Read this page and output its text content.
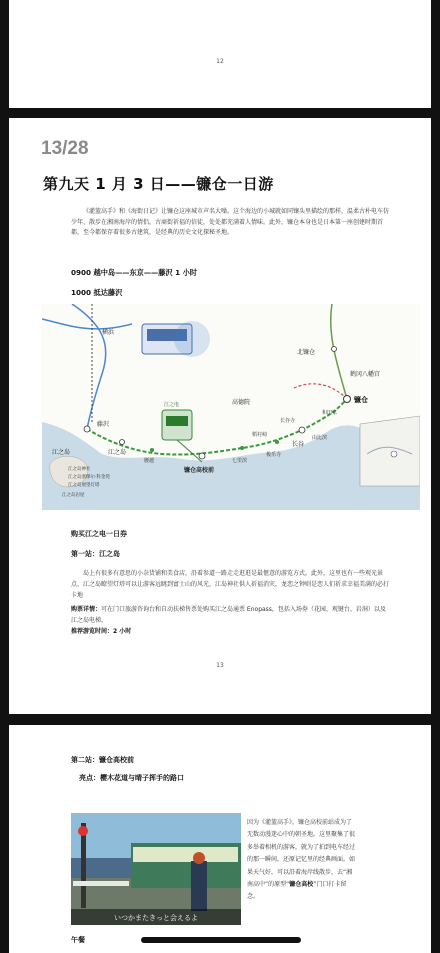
12
13/28
第九天 1 月 3 日——镰仓一日游

《灌篮高手》和《海街日记》让镰仓这座城市声名大噪。这个海边的小城就如同镶头里描绘的那样，温柔古朴电车仿少年、散步在湘南海岸的情侣，古商街祈福的信徒，处处都充满着人情味。此外，镰仓本身也是日本第一座创建时期首都，至今都保存着很多古建筑，是经典的历史文化探秘圣地。

0900 越中岛——东京——藤沢 1 小时
1000 抵达藤沢
藤沢
江之岛
腰越
镰仓高校前
七里滨
极乐寺
稻村崎
长谷
长谷寺
由比滨
和田冢
高德院	镰仓
北镰仓
鹤冈八幡宫
横浜
江之电
江之岛
江之岛神社
江之岛塞缪尔·科金苑
江之岛展望灯塔
江之岛岩屋
购买江之电一日券
第一站：江之岛
岛上有很多有意思的小杂货铺和美食店，沿着参道一路走走逛逛是最惬意的游览方式。此外，这里也有一些观光景点，江之岛瞭望灯塔可以让游客远眺到富士山的风光，江岛神社供人祈福消灾，龙恋之钟则是恋人们祈求幸福美满的必打卡地
购票详情：可在门口旅游咨询台和自动扶梯售票处购买江之岛通票 Enopass，包括入场券（花园、观键台、岩洞）以及江之岛电梯。
推荐游览时间：2 小时
13
第二站：镰仓高校前
亮点：樱木花道与晴子挥手的路口
いつかまたきっと会えるよ
因为《灌篮高手》，镰仓高校前站成为了无数动漫迷心中的朝圣地。这里聚集了很多举着相机的游客，就为了拍到电车经过的那一瞬间，还原记忆里的经典画面。如果天气好，可以沿着海岸线散步，去“湘南高中”的原型“镰仓高校”门口打卡留念。
午餐
